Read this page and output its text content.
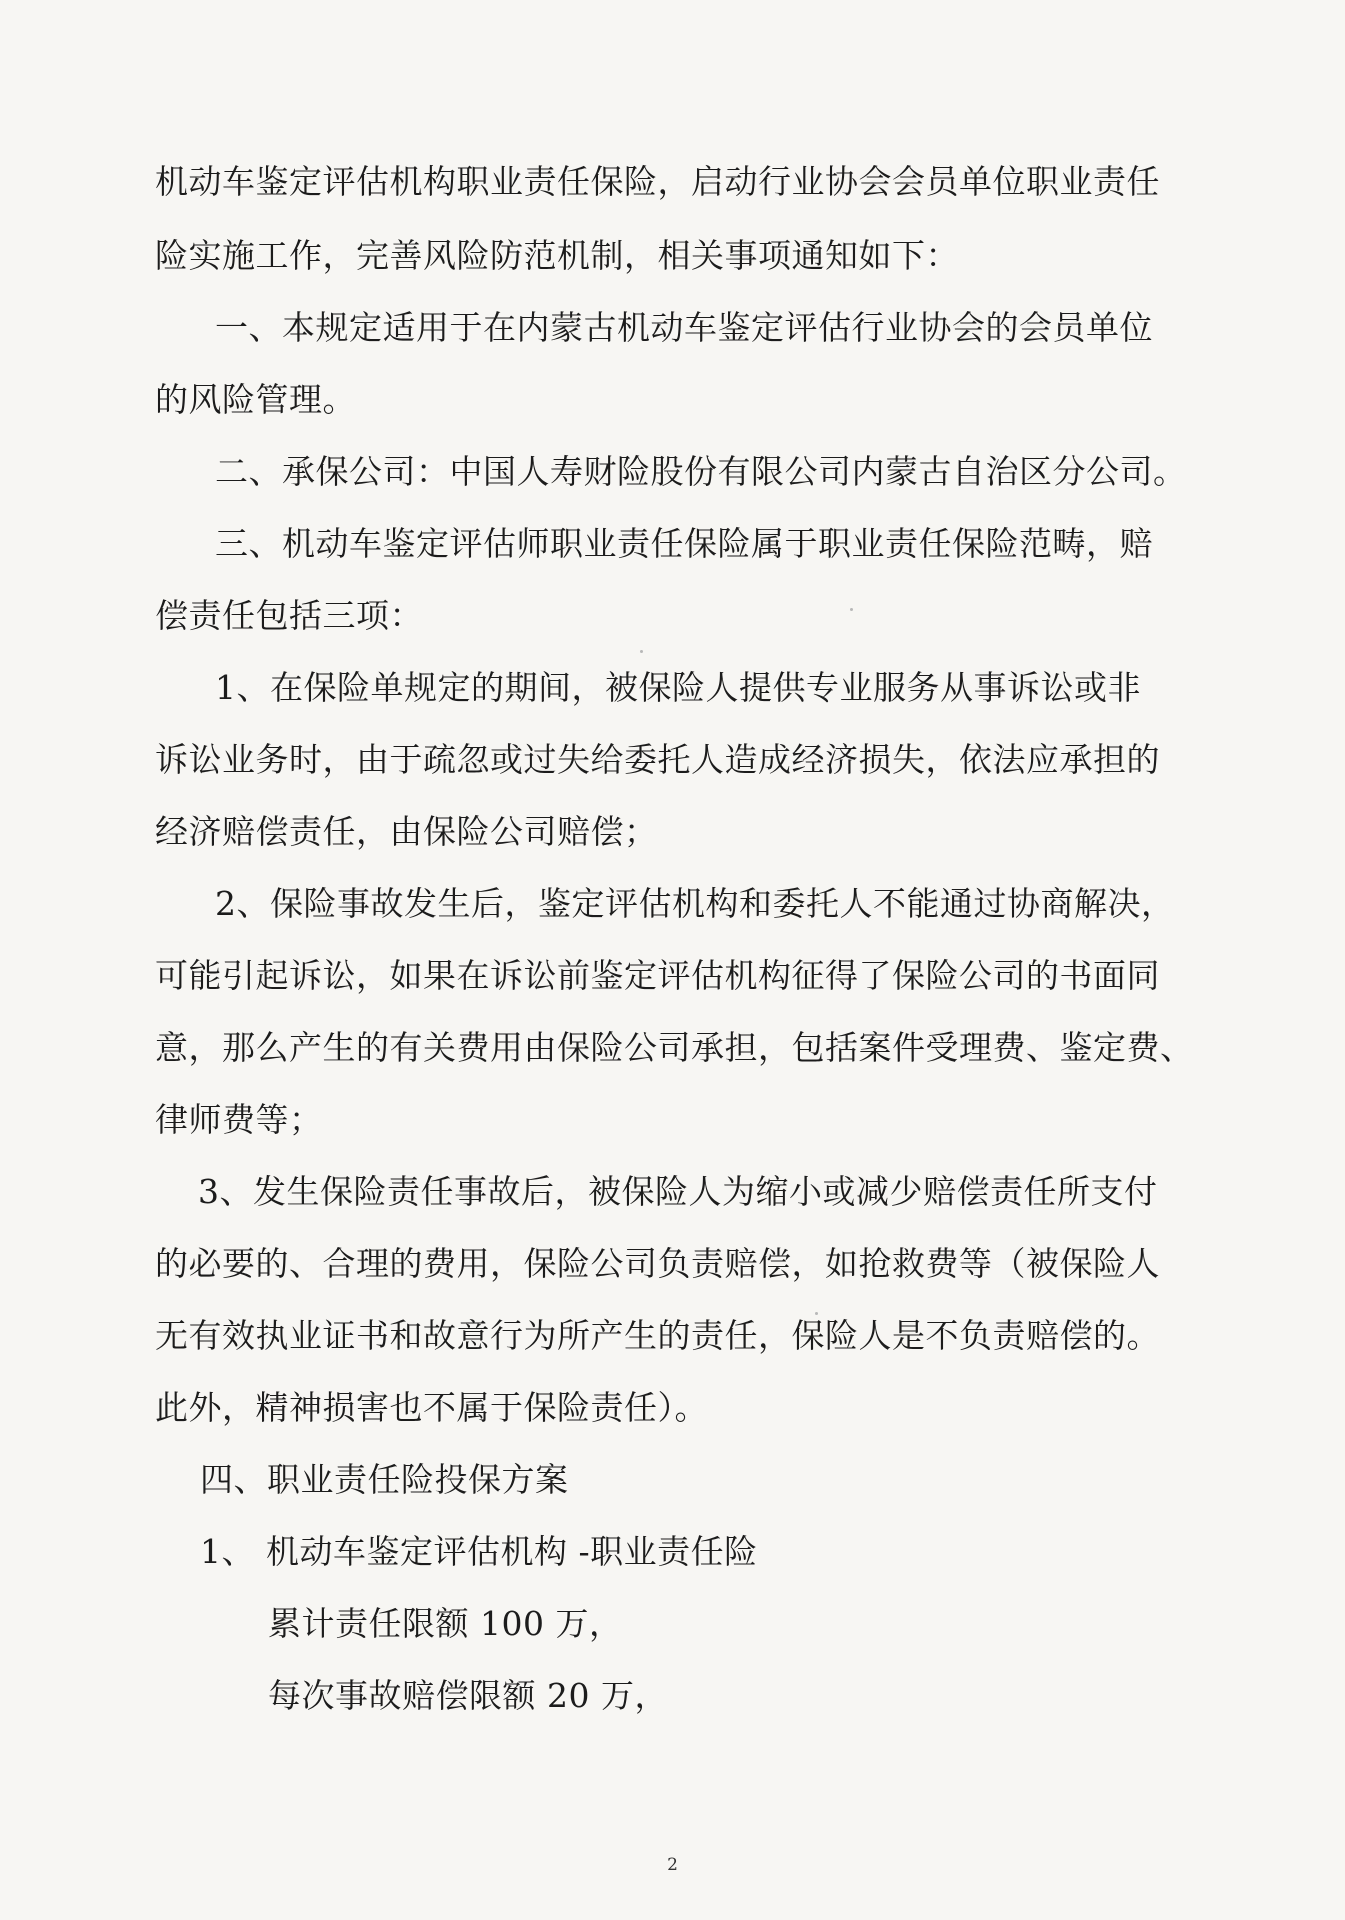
机动车鉴定评估机构职业责任保险，启动行业协会会员单位职业责任
险实施工作，完善风险防范机制，相关事项通知如下：
一、本规定适用于在内蒙古机动车鉴定评估行业协会的会员单位
的风险管理。
二、承保公司：中国人寿财险股份有限公司内蒙古自治区分公司。
三、机动车鉴定评估师职业责任保险属于职业责任保险范畴，赔
偿责任包括三项：
1、在保险单规定的期间，被保险人提供专业服务从事诉讼或非
诉讼业务时，由于疏忽或过失给委托人造成经济损失，依法应承担的
经济赔偿责任，由保险公司赔偿；
2、保险事故发生后，鉴定评估机构和委托人不能通过协商解决，
可能引起诉讼，如果在诉讼前鉴定评估机构征得了保险公司的书面同
意，那么产生的有关费用由保险公司承担，包括案件受理费、鉴定费、
律师费等；
3、发生保险责任事故后，被保险人为缩小或减少赔偿责任所支付
的必要的、合理的费用，保险公司负责赔偿，如抢救费等（被保险人
无有效执业证书和故意行为所产生的责任，保险人是不负责赔偿的。
此外，精神损害也不属于保险责任）。
四、职业责任险投保方案
1、 机动车鉴定评估机构 -职业责任险
累计责任限额 100 万，
每次事故赔偿限额 20 万，
2
